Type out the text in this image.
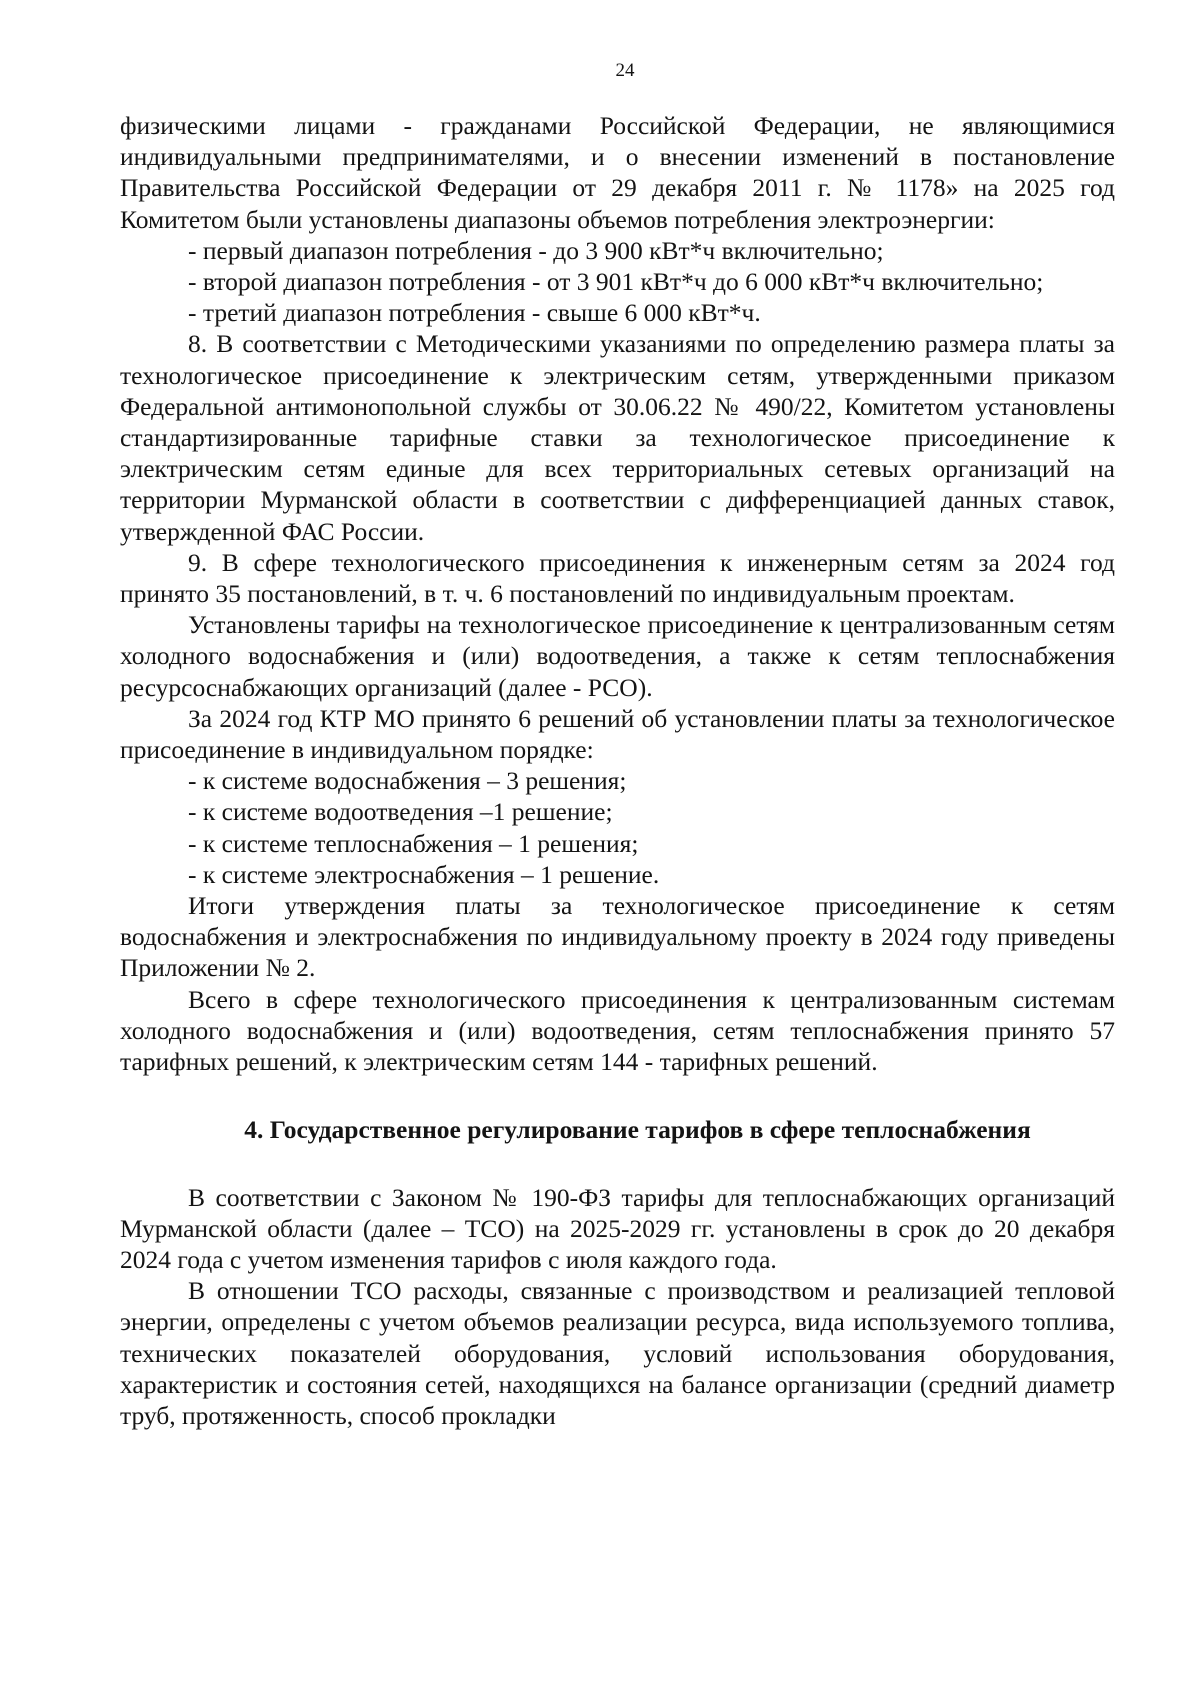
24

физическими лицами - гражданами Российской Федерации, не являющимися индивидуальными предпринимателями, и о внесении изменений в постановление Правительства Российской Федерации от 29 декабря 2011 г. № 1178» на 2025 год Комитетом были установлены диапазоны объемов потребления электроэнергии:

- первый диапазон потребления - до 3 900 кВт*ч включительно;

- второй диапазон потребления - от 3 901 кВт*ч до 6 000 кВт*ч включительно;

- третий диапазон потребления - свыше 6 000 кВт*ч.

8. В соответствии с Методическими указаниями по определению размера платы за технологическое присоединение к электрическим сетям, утвержденными приказом Федеральной антимонопольной службы от 30.06.22 № 490/22, Комитетом установлены стандартизированные тарифные ставки за технологическое присоединение к электрическим сетям единые для всех территориальных сетевых организаций на территории Мурманской области в соответствии с дифференциацией данных ставок, утвержденной ФАС России.

9. В сфере технологического присоединения к инженерным сетям за 2024 год принято 35 постановлений, в т. ч. 6 постановлений по индивидуальным проектам.

Установлены тарифы на технологическое присоединение к централизованным сетям холодного водоснабжения и (или) водоотведения, а также к сетям теплоснабжения ресурсоснабжающих организаций (далее - РСО).

За 2024 год КТР МО принято 6 решений об установлении платы за технологическое присоединение в индивидуальном порядке:

- к системе водоснабжения – 3 решения;

- к системе водоотведения –1 решение;

- к системе теплоснабжения – 1 решения;

- к системе электроснабжения – 1 решение.

Итоги утверждения платы за технологическое присоединение к сетям водоснабжения и электроснабжения по индивидуальному проекту в 2024 году приведены Приложении № 2.

Всего в сфере технологического присоединения к централизованным системам холодного водоснабжения и (или) водоотведения, сетям теплоснабжения принято 57 тарифных решений, к электрическим сетям 144 - тарифных решений.

4. Государственное регулирование тарифов в сфере теплоснабжения

В соответствии с Законом № 190-ФЗ тарифы для теплоснабжающих организаций Мурманской области (далее – ТСО) на 2025-2029 гг. установлены в срок до 20 декабря 2024 года с учетом изменения тарифов с июля каждого года.

В отношении ТСО расходы, связанные с производством и реализацией тепловой энергии, определены с учетом объемов реализации ресурса, вида используемого топлива, технических показателей оборудования, условий использования оборудования, характеристик и состояния сетей, находящихся на балансе организации (средний диаметр труб, протяженность, способ прокладки
